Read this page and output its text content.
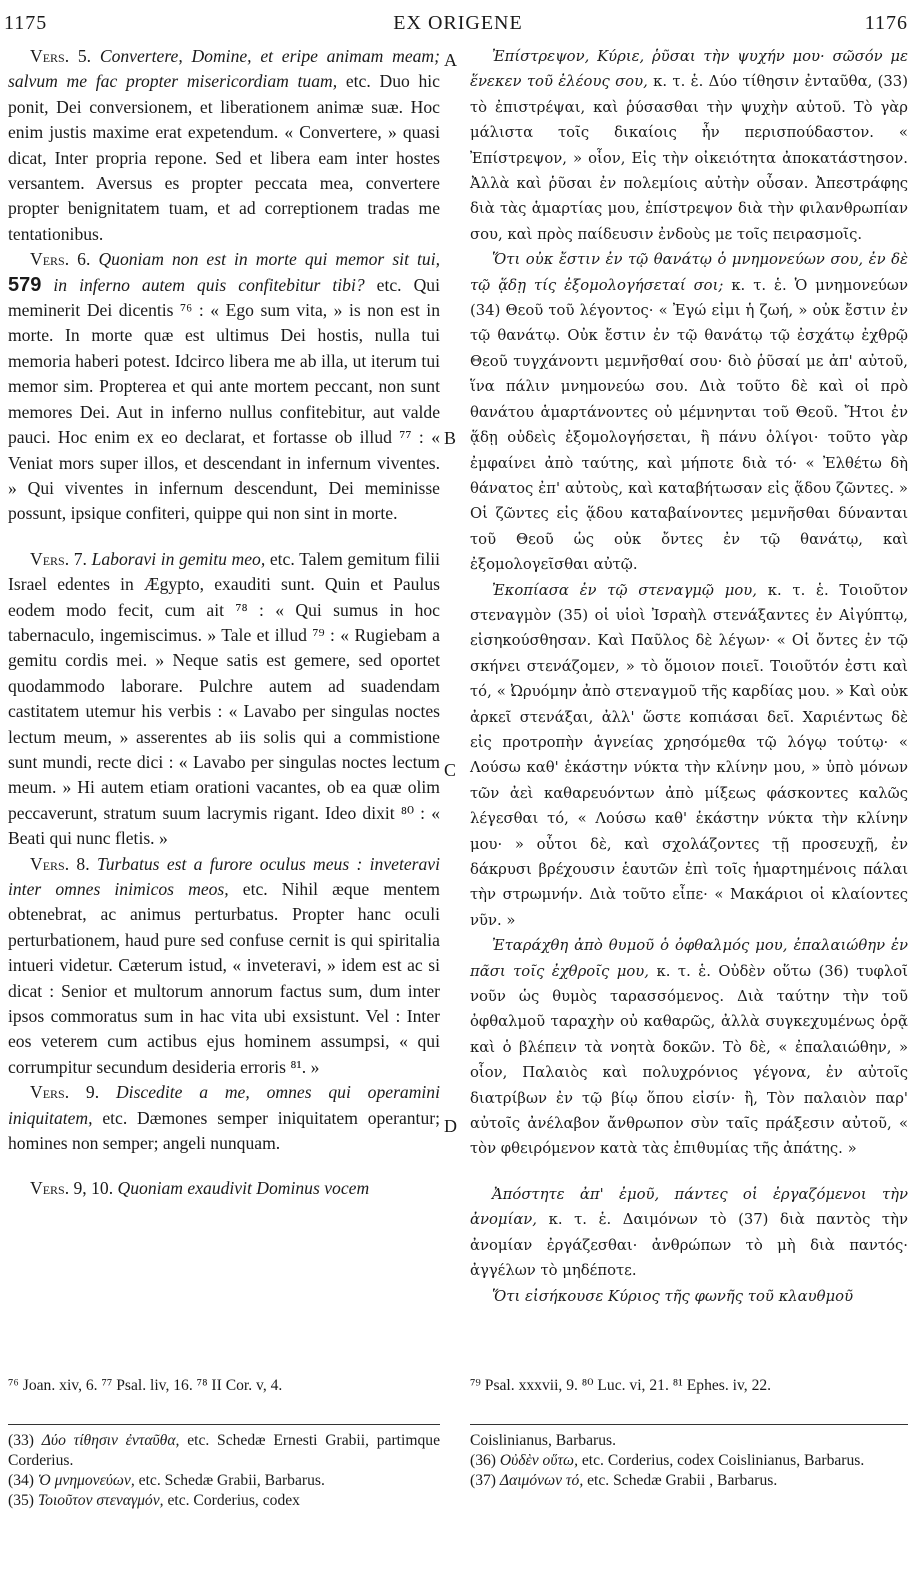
1175	EX ORIGENE	1176
A
B
C
D

Vers. 5. Convertere, Domine, et eripe animam meam; salvum me fac propter misericordiam tuam, etc. Duo hic ponit, Dei conversionem, et liberationem animæ suæ. Hoc enim justis maxime erat expetendum. « Convertere, » quasi dicat, Inter propria repone. Sed et libera eam inter hostes versantem. Aversus es propter peccata mea, convertere propter benignitatem tuam, et ad correptionem tradas me tentationibus.

Vers. 6. Quoniam non est in morte qui memor sit tui, 579 in inferno autem quis confitebitur tibi? etc. Qui meminerit Dei dicentis ⁷⁶ : « Ego sum vita, » is non est in morte. In morte quæ est ultimus Dei hostis, nulla tui memoria haberi potest. Idcirco libera me ab illa, ut iterum tui memor sim. Propterea et qui ante mortem peccant, non sunt memores Dei. Aut in inferno nullus confitebitur, aut valde pauci. Hoc enim ex eo declarat, et fortasse ob illud ⁷⁷ : « Veniat mors super illos, et descendant in infernum viventes. » Qui viventes in infernum descendunt, Dei meminisse possunt, ipsique confiteri, quippe qui non sint in morte.

Vers. 7. Laboravi in gemitu meo, etc. Talem gemitum filii Israel edentes in Ægypto, exauditi sunt. Quin et Paulus eodem modo fecit, cum ait ⁷⁸ : « Qui sumus in hoc tabernaculo, ingemiscimus. » Tale et illud ⁷⁹ : « Rugiebam a gemitu cordis mei. » Neque satis est gemere, sed oportet quodammodo laborare. Pulchre autem ad suadendam castitatem utemur his verbis : « Lavabo per singulas noctes lectum meum, » asserentes ab iis solis qui a commistione sunt mundi, recte dici : « Lavabo per singulas noctes lectum meum. » Hi autem etiam orationi vacantes, ob ea quæ olim peccaverunt, stratum suum lacrymis rigant. Ideo dixit ⁸⁰ : « Beati qui nunc fletis. »

Vers. 8. Turbatus est a furore oculus meus : inveteravi inter omnes inimicos meos, etc. Nihil æque mentem obtenebrat, ac animus perturbatus. Propter hanc oculi perturbationem, haud pure sed confuse cernit is qui spiritalia intueri videtur. Cæterum istud, « inveteravi, » idem est ac si dicat : Senior et multorum annorum factus sum, dum inter ipsos commoratus sum in hac vita ubi exsistunt. Vel : Inter eos veterem cum actibus ejus hominem assumpsi, « qui corrumpitur secundum desideria erroris ⁸¹. »

Vers. 9. Discedite a me, omnes qui operamini iniquitatem, etc. Dæmones semper iniquitatem operantur; homines non semper; angeli nunquam.

Vers. 9, 10. Quoniam exaudivit Dominus vocem

Ἐπίστρεψον, Κύριε, ῥῦσαι τὴν ψυχήν μου· σῶσόν με ἕνεκεν τοῦ ἐλέους σου, κ. τ. ἑ. Δύο τίθησιν ἐνταῦθα, (33) τὸ ἐπιστρέψαι, καὶ ῥύσασθαι τὴν ψυχὴν αὐτοῦ. Τὸ γὰρ μάλιστα τοῖς δικαίοις ἦν περισπούδαστον. « Ἐπίστρεψον, » οἷον, Εἰς τὴν οἰκειότητα ἀποκατάστησον. Ἀλλὰ καὶ ῥῦσαι ἐν πολεμίοις αὐτὴν οὖσαν. Ἀπεστράφης διὰ τὰς ἁμαρτίας μου, ἐπίστρεψον διὰ τὴν φιλανθρωπίαν σου, καὶ πρὸς παίδευσιν ἐνδοὺς με τοῖς πειρασμοῖς.

Ὅτι οὐκ ἔστιν ἐν τῷ θανάτῳ ὁ μνημονεύων σου, ἐν δὲ τῷ ᾅδῃ τίς ἐξομολογήσεταί σοι; κ. τ. ἑ. Ὁ μνημονεύων (34) Θεοῦ τοῦ λέγοντος· « Ἐγώ εἰμι ἡ ζωή, » οὐκ ἔστιν ἐν τῷ θανάτῳ. Οὐκ ἔστιν ἐν τῷ θανάτῳ τῷ ἐσχάτῳ ἐχθρῷ Θεοῦ τυγχάνοντι μεμνῆσθαί σου· διὸ ῥῦσαί με ἀπ' αὐτοῦ, ἵνα πάλιν μνημονεύω σου. Διὰ τοῦτο δὲ καὶ οἱ πρὸ θανάτου ἁμαρτάνοντες οὐ μέμνηνται τοῦ Θεοῦ. Ἤτοι ἐν ᾅδῃ οὐδεὶς ἐξομολογήσεται, ἢ πάνυ ὀλίγοι· τοῦτο γὰρ ἐμφαίνει ἀπὸ ταύτης, καὶ μήποτε διὰ τό· « Ἐλθέτω δὴ θάνατος ἐπ' αὐτοὺς, καὶ καταβήτωσαν εἰς ᾅδου ζῶντες. » Οἱ ζῶντες εἰς ᾅδου καταβαίνοντες μεμνῆσθαι δύνανται τοῦ Θεοῦ ὡς οὐκ ὄντες ἐν τῷ θανάτῳ, καὶ ἐξομολογεῖσθαι αὐτῷ.

Ἐκοπίασα ἐν τῷ στεναγμῷ μου, κ. τ. ἑ. Τοιοῦτον στεναγμὸν (35) οἱ υἱοὶ Ἰσραὴλ στενάξαντες ἐν Αἰγύπτῳ, εἰσηκούσθησαν. Καὶ Παῦλος δὲ λέγων· « Οἱ ὄντες ἐν τῷ σκήνει στενάζομεν, » τὸ ὅμοιον ποιεῖ. Τοιοῦτόν ἐστι καὶ τό, « Ὠρυόμην ἀπὸ στεναγμοῦ τῆς καρδίας μου. » Καὶ οὐκ ἀρκεῖ στενάξαι, ἀλλ' ὥστε κοπιάσαι δεῖ. Χαριέντως δὲ εἰς προτροπὴν ἁγνείας χρησόμεθα τῷ λόγῳ τούτῳ· « Λούσω καθ' ἑκάστην νύκτα τὴν κλίνην μου, » ὑπὸ μόνων τῶν ἀεὶ καθαρευόντων ἀπὸ μίξεως φάσκοντες καλῶς λέγεσθαι τό, « Λούσω καθ' ἑκάστην νύκτα τὴν κλίνην μου· » οὗτοι δὲ, καὶ σχολάζοντες τῇ προσευχῇ, ἐν δάκρυσι βρέχουσιν ἑαυτῶν ἐπὶ τοῖς ἡμαρτημένοις πάλαι τὴν στρωμνήν. Διὰ τοῦτο εἶπε· « Μακάριοι οἱ κλαίοντες νῦν. »

Ἐταράχθη ἀπὸ θυμοῦ ὁ ὀφθαλμός μου, ἐπαλαιώθην ἐν πᾶσι τοῖς ἐχθροῖς μου, κ. τ. ἑ. Οὐδὲν οὕτω (36) τυφλοῖ νοῦν ὡς θυμὸς ταρασσόμενος. Διὰ ταύτην τὴν τοῦ ὀφθαλμοῦ ταραχὴν οὐ καθαρῶς, ἀλλὰ συγκεχυμένως ὁρᾷ καὶ ὁ βλέπειν τὰ νοητὰ δοκῶν. Τὸ δὲ, « ἐπαλαιώθην, » οἷον, Παλαιὸς καὶ πολυχρόνιος γέγονα, ἐν αὐτοῖς διατρίβων ἐν τῷ βίῳ ὅπου εἰσίν· ἢ, Τὸν παλαιὸν παρ' αὐτοῖς ἀνέλαβον ἄνθρωπον σὺν ταῖς πράξεσιν αὐτοῦ, « τὸν φθειρόμενον κατὰ τὰς ἐπιθυμίας τῆς ἀπάτης. »

Ἀπόστητε ἀπ' ἐμοῦ, πάντες οἱ ἐργαζόμενοι τὴν ἀνομίαν, κ. τ. ἑ. Δαιμόνων τὸ (37) διὰ παντὸς τὴν ἀνομίαν ἐργάζεσθαι· ἀνθρώπων τὸ μὴ διὰ παντός· ἀγγέλων τὸ μηδέποτε.

Ὅτι εἰσήκουσε Κύριος τῆς φωνῆς τοῦ κλαυθμοῦ

⁷⁶ Joan. xiv, 6. ⁷⁷ Psal. liv, 16. ⁷⁸ II Cor. v, 4.	⁷⁹ Psal. xxxvii, 9. ⁸⁰ Luc. vi, 21. ⁸¹ Ephes. iv, 22.

(33) Δύο τίθησιν ἐνταῦθα, etc. Schedæ Ernesti Grabii, partimque Corderius.

(34) Ὁ μνημονεύων, etc. Schedæ Grabii, Barbarus.

(35) Τοιοῦτον στεναγμόν, etc. Corderius, codex

Coislinianus, Barbarus.

(36) Οὐδὲν οὕτω, etc. Corderius, codex Coislinianus, Barbarus.

(37) Δαιμόνων τό, etc. Schedæ Grabii , Barbarus.
